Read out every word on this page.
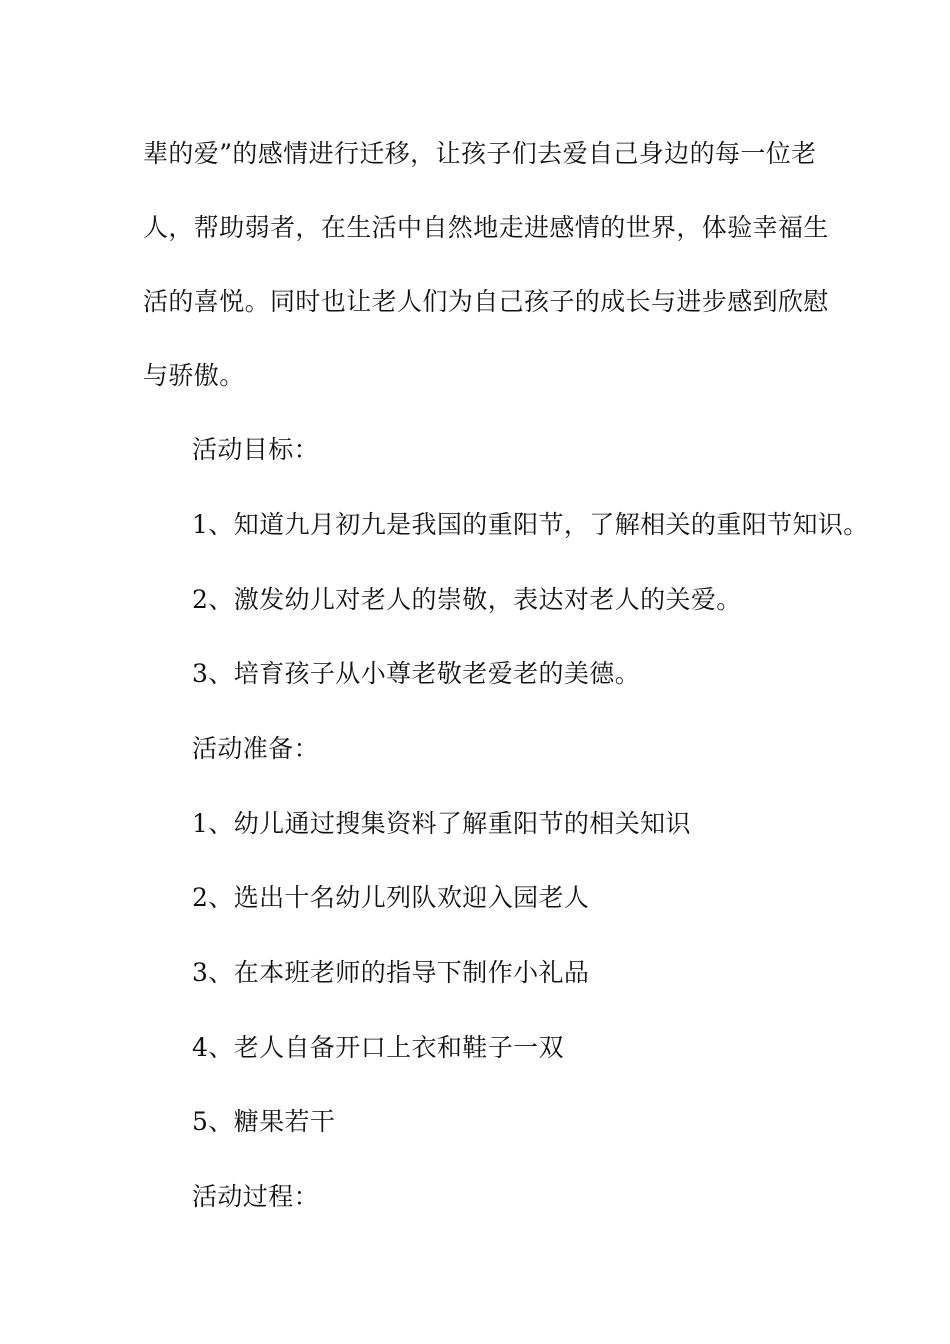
辈的爱”的感情进行迁移，让孩子们去爱自己身边的每一位老
人，帮助弱者，在生活中自然地走进感情的世界，体验幸福生
活的喜悦。同时也让老人们为自己孩子的成长与进步感到欣慰
与骄傲。
活动目标：
1、知道九月初九是我国的重阳节，了解相关的重阳节知识。
2、激发幼儿对老人的崇敬，表达对老人的关爱。
3、培育孩子从小尊老敬老爱老的美德。
活动准备：
1、幼儿通过搜集资料了解重阳节的相关知识
2、选出十名幼儿列队欢迎入园老人
3、在本班老师的指导下制作小礼品
4、老人自备开口上衣和鞋子一双
5、糖果若干
活动过程：
